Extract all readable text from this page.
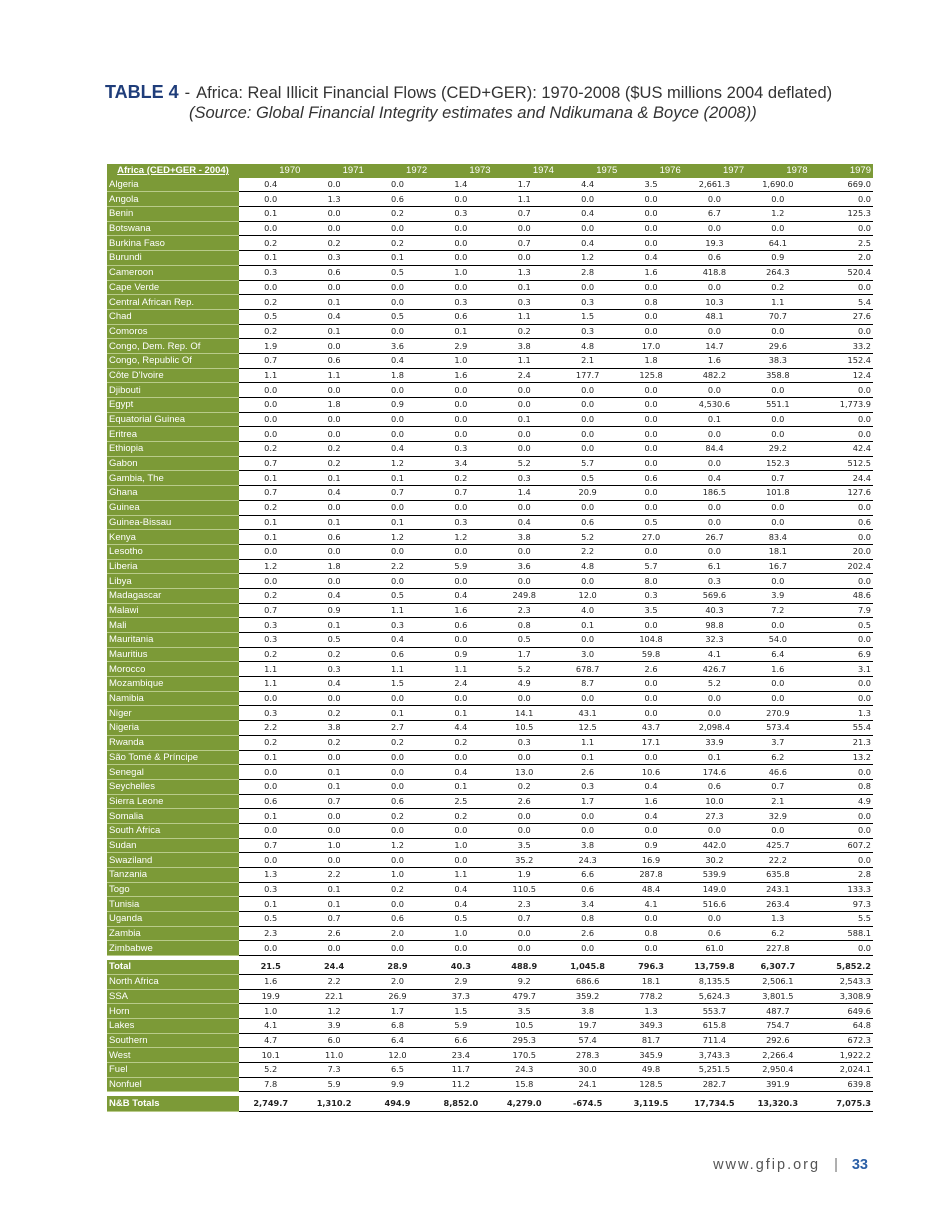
TABLE 4 - Africa: Real Illicit Financial Flows (CED+GER): 1970-2008 ($US millions 2004 deflated)
(Source: Global Financial Integrity estimates and Ndikumana & Boyce (2008))
Africa (CED+GER - 2004)	1970	1971	1972	1973	1974	1975	1976	1977	1978	1979
Algeria	0.4	0.0	0.0	1.4	1.7	4.4	3.5	2,661.3	1,690.0	669.0
Angola	0.0	1.3	0.6	0.0	1.1	0.0	0.0	0.0	0.0	0.0
Benin	0.1	0.0	0.2	0.3	0.7	0.4	0.0	6.7	1.2	125.3
Botswana	0.0	0.0	0.0	0.0	0.0	0.0	0.0	0.0	0.0	0.0
Burkina Faso	0.2	0.2	0.2	0.0	0.7	0.4	0.0	19.3	64.1	2.5
Burundi	0.1	0.3	0.1	0.0	0.0	1.2	0.4	0.6	0.9	2.0
Cameroon	0.3	0.6	0.5	1.0	1.3	2.8	1.6	418.8	264.3	520.4
Cape Verde	0.0	0.0	0.0	0.0	0.1	0.0	0.0	0.0	0.2	0.0
Central African Rep.	0.2	0.1	0.0	0.3	0.3	0.3	0.8	10.3	1.1	5.4
Chad	0.5	0.4	0.5	0.6	1.1	1.5	0.0	48.1	70.7	27.6
Comoros	0.2	0.1	0.0	0.1	0.2	0.3	0.0	0.0	0.0	0.0
Congo, Dem. Rep. Of	1.9	0.0	3.6	2.9	3.8	4.8	17.0	14.7	29.6	33.2
Congo, Republic Of	0.7	0.6	0.4	1.0	1.1	2.1	1.8	1.6	38.3	152.4
Côte D'Ivoire	1.1	1.1	1.8	1.6	2.4	177.7	125.8	482.2	358.8	12.4
Djibouti	0.0	0.0	0.0	0.0	0.0	0.0	0.0	0.0	0.0	0.0
Egypt	0.0	1.8	0.9	0.0	0.0	0.0	0.0	4,530.6	551.1	1,773.9
Equatorial Guinea	0.0	0.0	0.0	0.0	0.1	0.0	0.0	0.1	0.0	0.0
Eritrea	0.0	0.0	0.0	0.0	0.0	0.0	0.0	0.0	0.0	0.0
Ethiopia	0.2	0.2	0.4	0.3	0.0	0.0	0.0	84.4	29.2	42.4
Gabon	0.7	0.2	1.2	3.4	5.2	5.7	0.0	0.0	152.3	512.5
Gambia, The	0.1	0.1	0.1	0.2	0.3	0.5	0.6	0.4	0.7	24.4
Ghana	0.7	0.4	0.7	0.7	1.4	20.9	0.0	186.5	101.8	127.6
Guinea	0.2	0.0	0.0	0.0	0.0	0.0	0.0	0.0	0.0	0.0
Guinea-Bissau	0.1	0.1	0.1	0.3	0.4	0.6	0.5	0.0	0.0	0.6
Kenya	0.1	0.6	1.2	1.2	3.8	5.2	27.0	26.7	83.4	0.0
Lesotho	0.0	0.0	0.0	0.0	0.0	2.2	0.0	0.0	18.1	20.0
Liberia	1.2	1.8	2.2	5.9	3.6	4.8	5.7	6.1	16.7	202.4
Libya	0.0	0.0	0.0	0.0	0.0	0.0	8.0	0.3	0.0	0.0
Madagascar	0.2	0.4	0.5	0.4	249.8	12.0	0.3	569.6	3.9	48.6
Malawi	0.7	0.9	1.1	1.6	2.3	4.0	3.5	40.3	7.2	7.9
Mali	0.3	0.1	0.3	0.6	0.8	0.1	0.0	98.8	0.0	0.5
Mauritania	0.3	0.5	0.4	0.0	0.5	0.0	104.8	32.3	54.0	0.0
Mauritius	0.2	0.2	0.6	0.9	1.7	3.0	59.8	4.1	6.4	6.9
Morocco	1.1	0.3	1.1	1.1	5.2	678.7	2.6	426.7	1.6	3.1
Mozambique	1.1	0.4	1.5	2.4	4.9	8.7	0.0	5.2	0.0	0.0
Namibia	0.0	0.0	0.0	0.0	0.0	0.0	0.0	0.0	0.0	0.0
Niger	0.3	0.2	0.1	0.1	14.1	43.1	0.0	0.0	270.9	1.3
Nigeria	2.2	3.8	2.7	4.4	10.5	12.5	43.7	2,098.4	573.4	55.4
Rwanda	0.2	0.2	0.2	0.2	0.3	1.1	17.1	33.9	3.7	21.3
São Tomé & Príncipe	0.1	0.0	0.0	0.0	0.0	0.1	0.0	0.1	6.2	13.2
Senegal	0.0	0.1	0.0	0.4	13.0	2.6	10.6	174.6	46.6	0.0
Seychelles	0.0	0.1	0.0	0.1	0.2	0.3	0.4	0.6	0.7	0.8
Sierra Leone	0.6	0.7	0.6	2.5	2.6	1.7	1.6	10.0	2.1	4.9
Somalia	0.1	0.0	0.2	0.2	0.0	0.0	0.4	27.3	32.9	0.0
South Africa	0.0	0.0	0.0	0.0	0.0	0.0	0.0	0.0	0.0	0.0
Sudan	0.7	1.0	1.2	1.0	3.5	3.8	0.9	442.0	425.7	607.2
Swaziland	0.0	0.0	0.0	0.0	35.2	24.3	16.9	30.2	22.2	0.0
Tanzania	1.3	2.2	1.0	1.1	1.9	6.6	287.8	539.9	635.8	2.8
Togo	0.3	0.1	0.2	0.4	110.5	0.6	48.4	149.0	243.1	133.3
Tunisia	0.1	0.1	0.0	0.4	2.3	3.4	4.1	516.6	263.4	97.3
Uganda	0.5	0.7	0.6	0.5	0.7	0.8	0.0	0.0	1.3	5.5
Zambia	2.3	2.6	2.0	1.0	0.0	2.6	0.8	0.6	6.2	588.1
Zimbabwe	0.0	0.0	0.0	0.0	0.0	0.0	0.0	61.0	227.8	0.0

Total	21.5	24.4	28.9	40.3	488.9	1,045.8	796.3	13,759.8	6,307.7	5,852.2
North Africa	1.6	2.2	2.0	2.9	9.2	686.6	18.1	8,135.5	2,506.1	2,543.3
SSA	19.9	22.1	26.9	37.3	479.7	359.2	778.2	5,624.3	3,801.5	3,308.9
Horn	1.0	1.2	1.7	1.5	3.5	3.8	1.3	553.7	487.7	649.6
Lakes	4.1	3.9	6.8	5.9	10.5	19.7	349.3	615.8	754.7	64.8
Southern	4.7	6.0	6.4	6.6	295.3	57.4	81.7	711.4	292.6	672.3
West	10.1	11.0	12.0	23.4	170.5	278.3	345.9	3,743.3	2,266.4	1,922.2
Fuel	5.2	7.3	6.5	11.7	24.3	30.0	49.8	5,251.5	2,950.4	2,024.1
Nonfuel	7.8	5.9	9.9	11.2	15.8	24.1	128.5	282.7	391.9	639.8

N&B Totals	2,749.7	1,310.2	494.9	8,852.0	4,279.0	-674.5	3,119.5	17,734.5	13,320.3	7,075.3
www.gfip.org | 33
